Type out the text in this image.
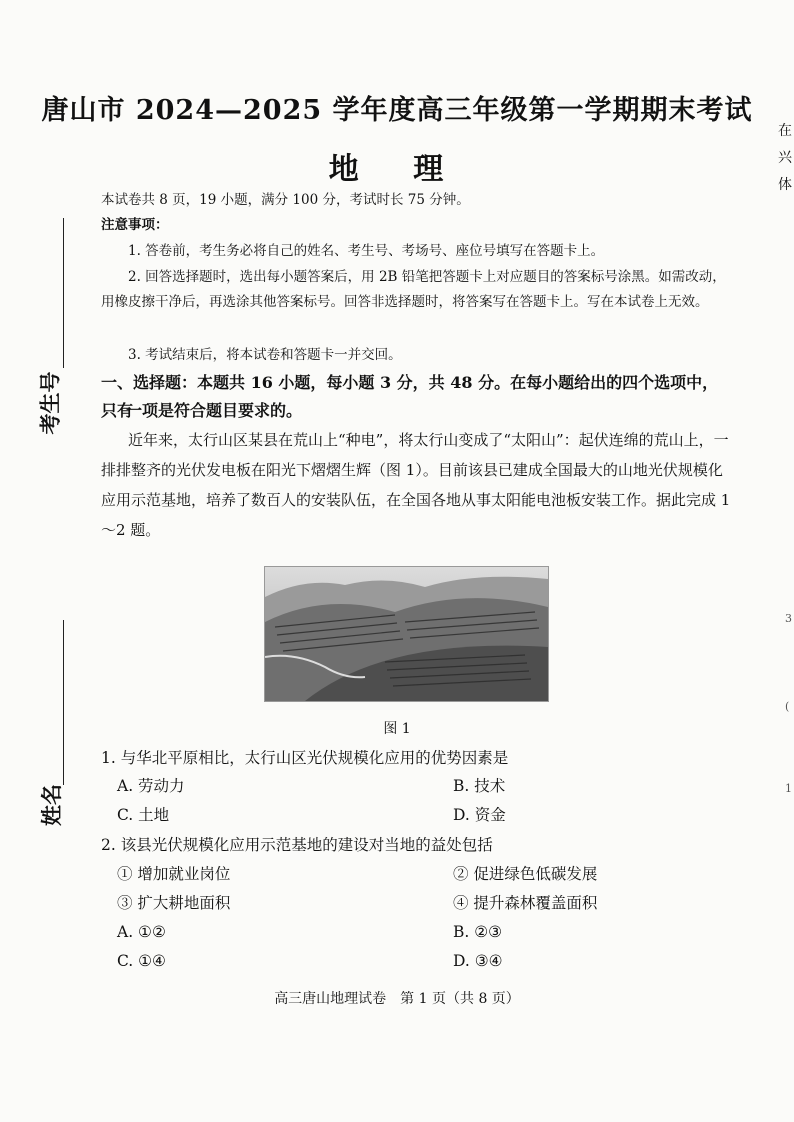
唐山市 2024—2025 学年度高三年级第一学期期末考试
地 理
在
兴
体
3
(
1
考生号
姓名
本试卷共 8 页，19 小题，满分 100 分，考试时长 75 分钟。
注意事项：
1. 答卷前，考生务必将自己的姓名、考生号、考场号、座位号填写在答题卡上。
2. 回答选择题时，选出每小题答案后，用 2B 铅笔把答题卡上对应题目的答案标号涂黑。如需改动，用橡皮擦干净后，再选涂其他答案标号。回答非选择题时，将答案写在答题卡上。写在本试卷上无效。
3. 考试结束后，将本试卷和答题卡一并交回。
一、选择题：本题共 16 小题，每小题 3 分，共 48 分。在每小题给出的四个选项中，只有
一项是符合题目要求的。
近年来，太行山区某县在荒山上“种电”，将太行山变成了“太阳山”：起伏连绵的荒山上，一排排整齐的光伏发电板在阳光下熠熠生辉（图 1）。目前该县已建成全国最大的山地光伏规模化应用示范基地，培养了数百人的安装队伍，在全国各地从事太阳能电池板安装工作。据此完成 1～2 题。
图 1
1. 与华北平原相比，太行山区光伏规模化应用的优势因素是
A. 劳动力	B. 技术
C. 土地	D. 资金
2. 该县光伏规模化应用示范基地的建设对当地的益处包括
① 增加就业岗位	② 促进绿色低碳发展
③ 扩大耕地面积	④ 提升森林覆盖面积
A. ①②	B. ②③
C. ①④	D. ③④
高三唐山地理试卷　第 1 页（共 8 页）
